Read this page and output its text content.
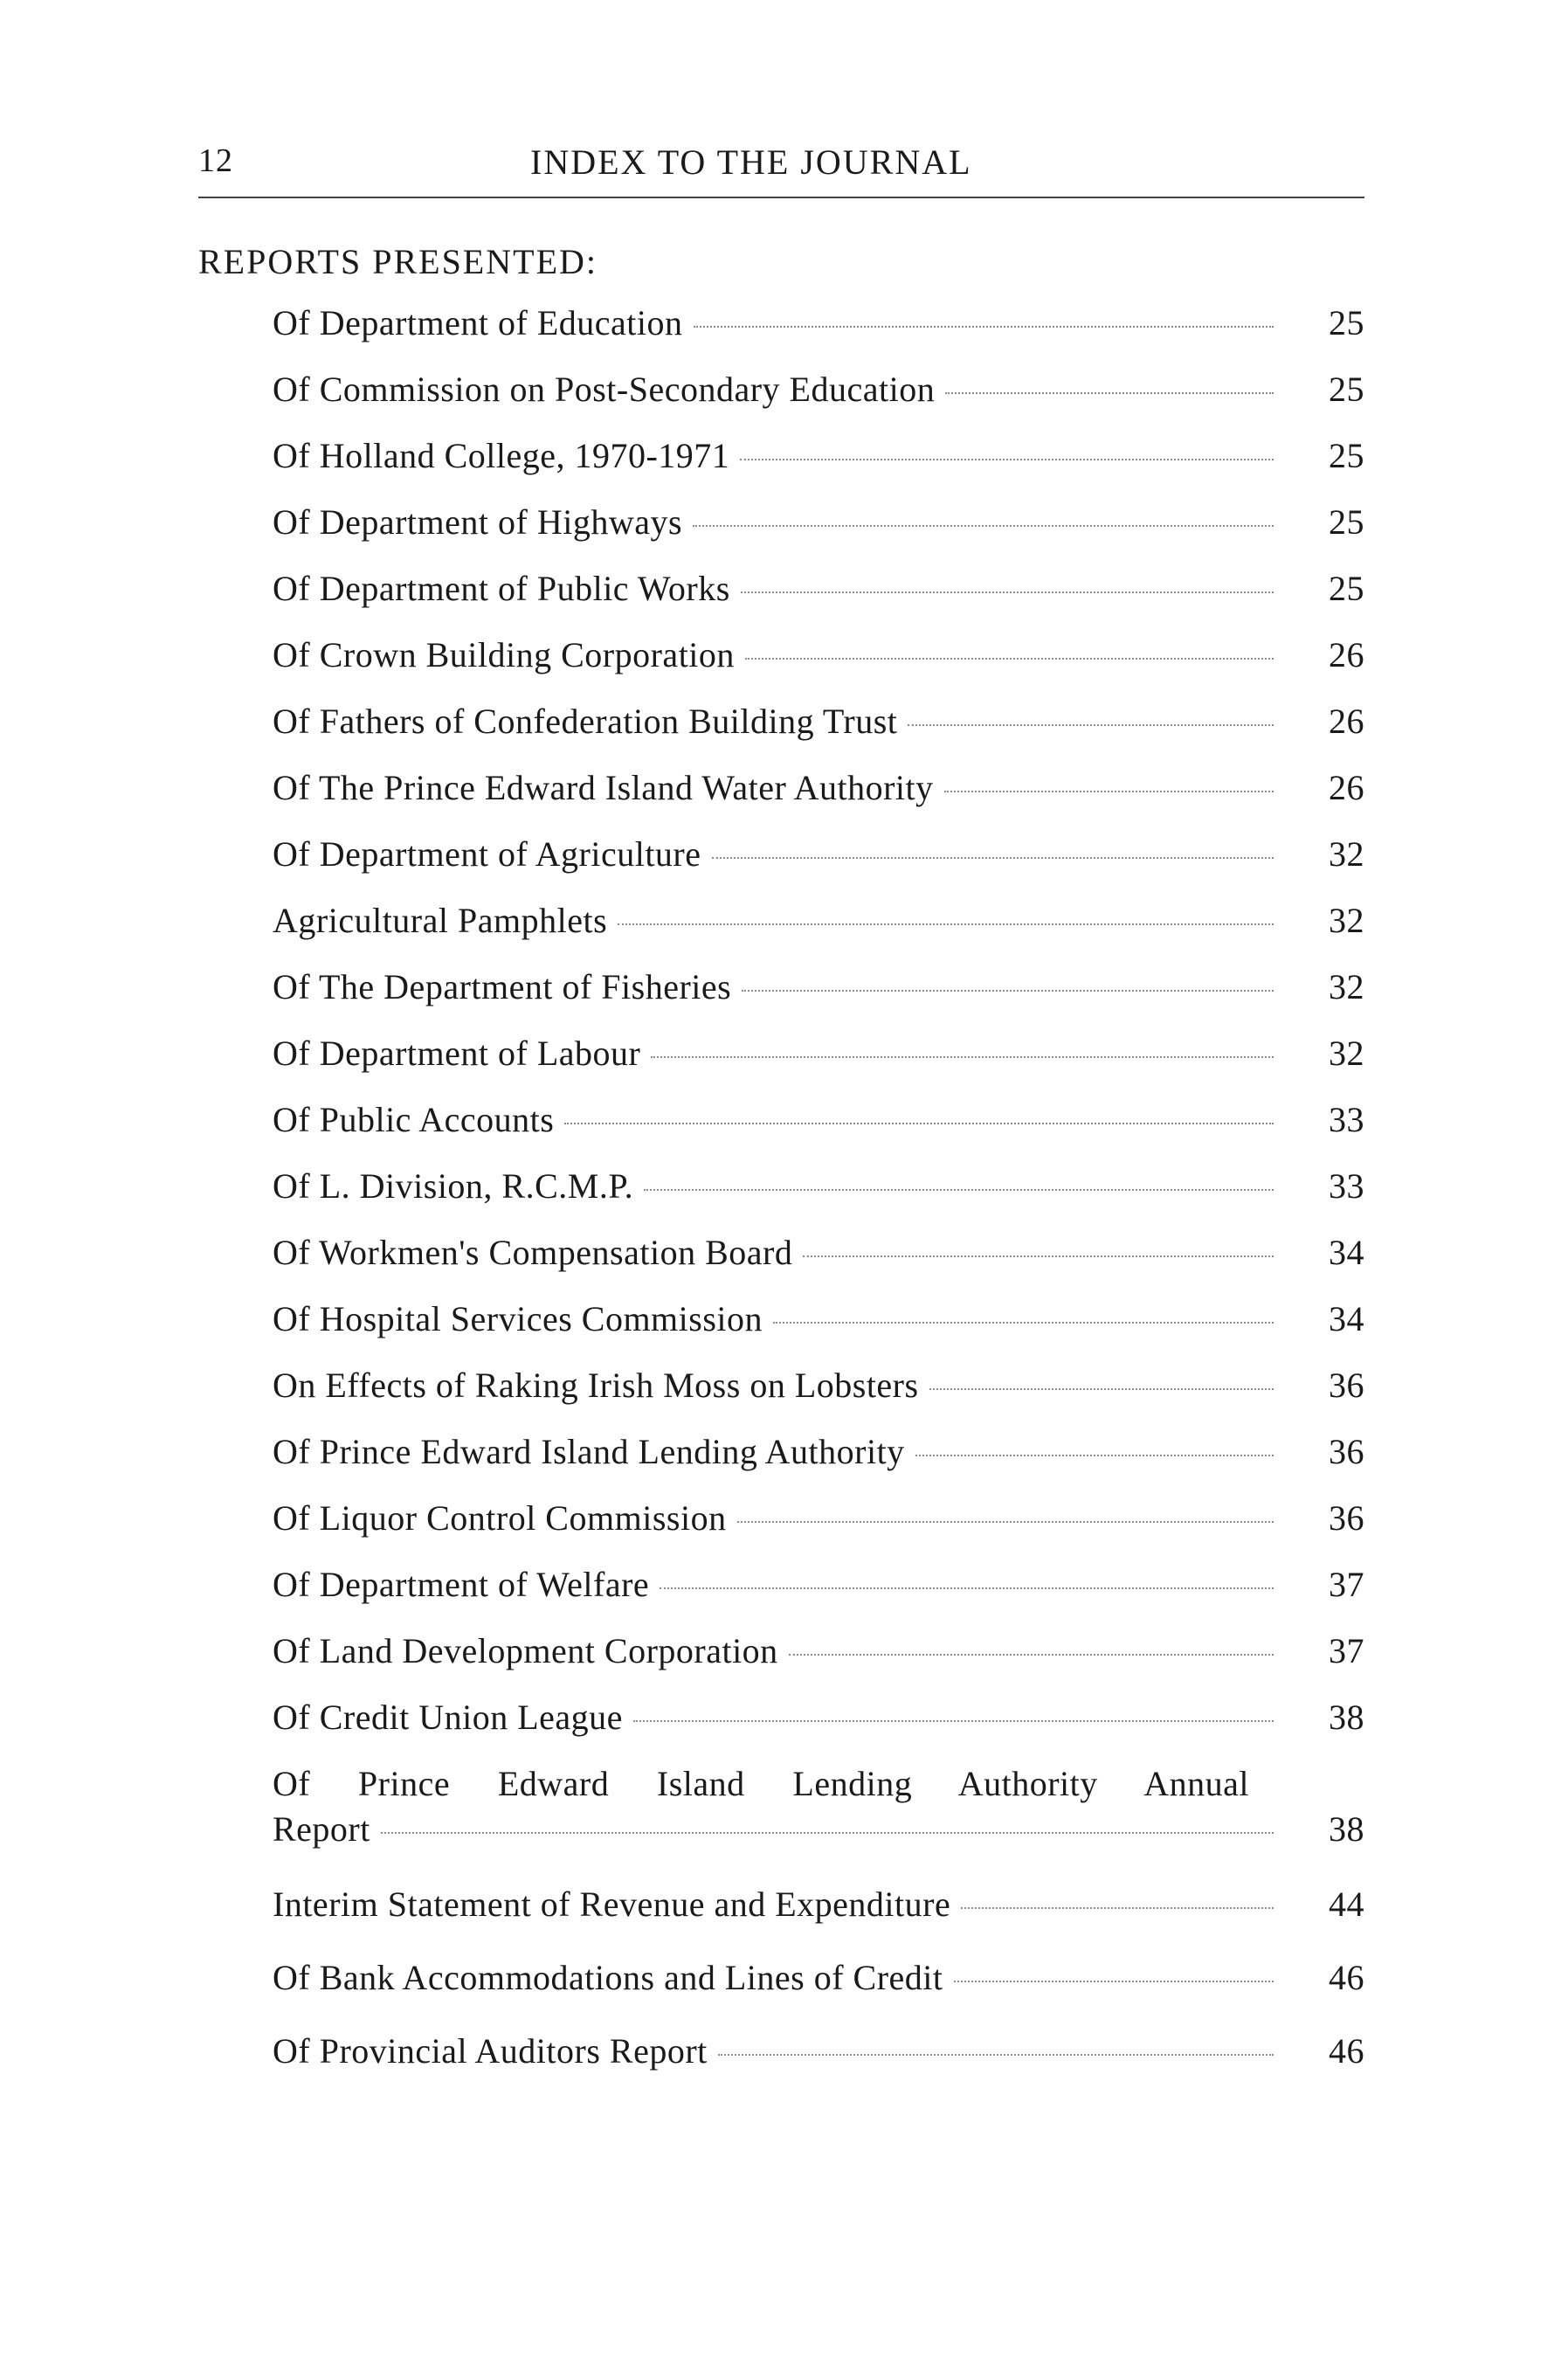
12	INDEX TO THE JOURNAL
REPORTS PRESENTED:
Of Department of Education	25
Of Commission on Post-Secondary Education	25
Of Holland College, 1970-1971	25
Of Department of Highways	25
Of Department of Public Works	25
Of Crown Building Corporation	26
Of Fathers of Confederation Building Trust	26
Of The Prince Edward Island Water Authority	26
Of Department of Agriculture	32
Agricultural Pamphlets	32
Of The Department of Fisheries	32
Of Department of Labour	32
Of Public Accounts	33
Of L. Division, R.C.M.P.	33
Of Workmen's Compensation Board	34
Of Hospital Services Commission	34
On Effects of Raking Irish Moss on Lobsters	36
Of Prince Edward Island Lending Authority	36
Of Liquor Control Commission	36
Of Department of Welfare	37
Of Land Development Corporation	37
Of Credit Union League	38
Of Prince Edward Island Lending Authority Annual
Report	38
Interim Statement of Revenue and Expenditure	44
Of Bank Accommodations and Lines of Credit	46
Of Provincial Auditors Report	46
